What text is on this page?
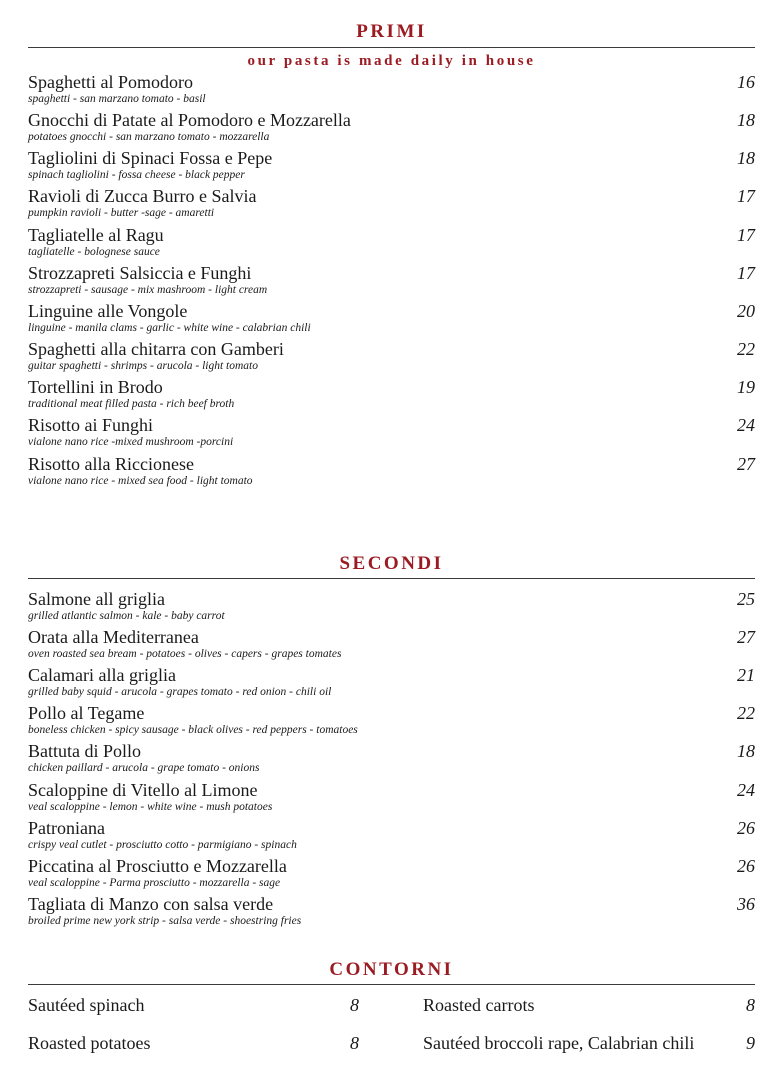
PRIMI
our pasta is made daily in house
Spaghetti al Pomodoro
spaghetti - san marzano tomato - basil
16
Gnocchi di Patate al Pomodoro e Mozzarella
potatoes gnocchi - san marzano tomato - mozzarella
18
Tagliolini di Spinaci Fossa e Pepe
spinach tagliolini - fossa cheese - black pepper
18
Ravioli di Zucca Burro e Salvia
pumpkin ravioli - butter -sage - amaretti
17
Tagliatelle al Ragu
tagliatelle - bolognese sauce
17
Strozzapreti Salsiccia e Funghi
strozzapreti - sausage - mix mashroom - light cream
17
Linguine alle Vongole
linguine - manila clams - garlic - white wine - calabrian chili
20
Spaghetti alla chitarra con Gamberi
guitar spaghetti - shrimps - arucola - light tomato
22
Tortellini in Brodo
traditional meat filled pasta - rich beef broth
19
Risotto ai Funghi
vialone nano rice -mixed mushroom -porcini
24
Risotto alla Riccionese
vialone nano rice - mixed sea food - light tomato
27
SECONDI
Salmone all griglia
grilled atlantic salmon - kale - baby carrot
25
Orata alla Mediterranea
oven roasted sea bream - potatoes - olives - capers - grapes tomates
27
Calamari alla griglia
grilled baby squid - arucola - grapes tomato - red onion - chili oil
21
Pollo al Tegame
boneless chicken - spicy sausage - black olives - red peppers - tomatoes
22
Battuta di Pollo
chicken paillard - arucola - grape tomato - onions
18
Scaloppine di Vitello al Limone
veal scaloppine - lemon - white wine - mush potatoes
24
Patroniana
crispy veal cutlet - prosciutto cotto - parmigiano - spinach
26
Piccatina al Prosciutto e Mozzarella
veal scaloppine - Parma prosciutto - mozzarella - sage
26
Tagliata di Manzo con salsa verde
broiled prime new york strip - salsa verde - shoestring fries
36
CONTORNI
Sautéed spinach	8	Roasted carrots	8
Roasted potatoes	8	Sautéed broccoli rape, Calabrian chili	9
